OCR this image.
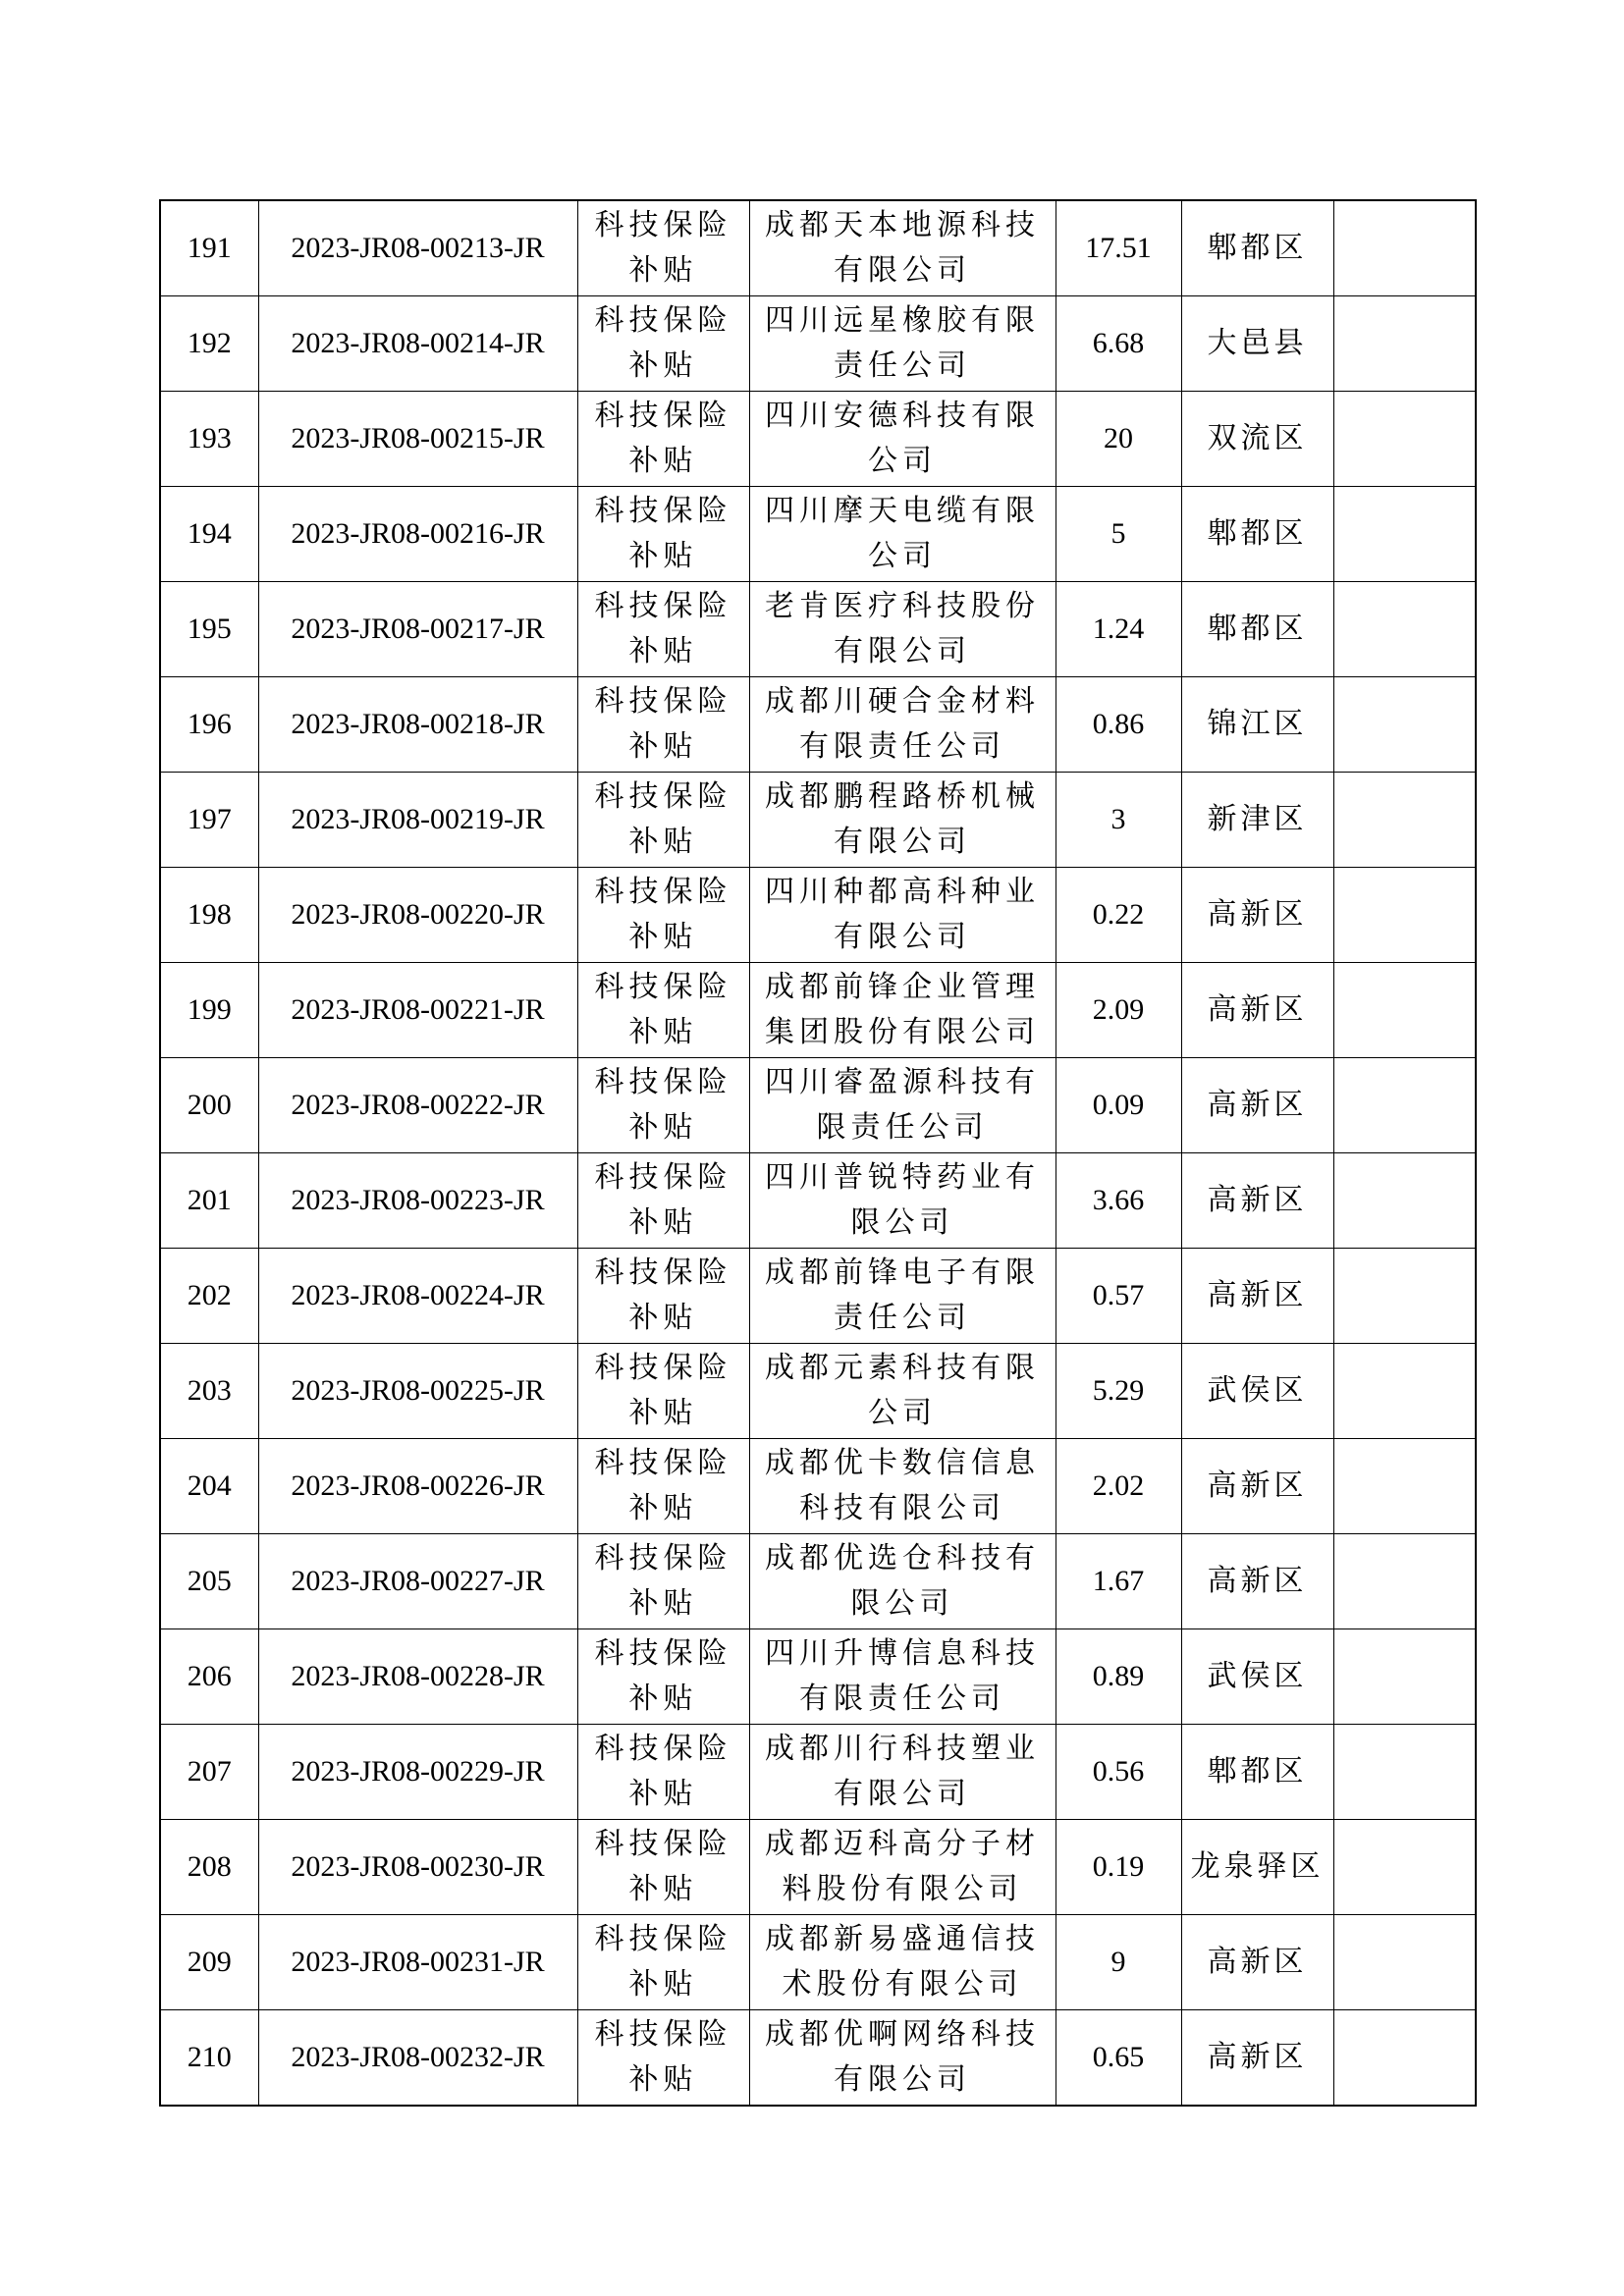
191	2023-JR08-00213-JR	科技保险补贴	成都天本地源科技有限公司	17.51	郫都区	
192	2023-JR08-00214-JR	科技保险补贴	四川远星橡胶有限责任公司	6.68	大邑县	
193	2023-JR08-00215-JR	科技保险补贴	四川安德科技有限公司	20	双流区	
194	2023-JR08-00216-JR	科技保险补贴	四川摩天电缆有限公司	5	郫都区	
195	2023-JR08-00217-JR	科技保险补贴	老肯医疗科技股份有限公司	1.24	郫都区	
196	2023-JR08-00218-JR	科技保险补贴	成都川硬合金材料有限责任公司	0.86	锦江区	
197	2023-JR08-00219-JR	科技保险补贴	成都鹏程路桥机械有限公司	3	新津区	
198	2023-JR08-00220-JR	科技保险补贴	四川种都高科种业有限公司	0.22	高新区	
199	2023-JR08-00221-JR	科技保险补贴	成都前锋企业管理集团股份有限公司	2.09	高新区	
200	2023-JR08-00222-JR	科技保险补贴	四川睿盈源科技有限责任公司	0.09	高新区	
201	2023-JR08-00223-JR	科技保险补贴	四川普锐特药业有限公司	3.66	高新区	
202	2023-JR08-00224-JR	科技保险补贴	成都前锋电子有限责任公司	0.57	高新区	
203	2023-JR08-00225-JR	科技保险补贴	成都元素科技有限公司	5.29	武侯区	
204	2023-JR08-00226-JR	科技保险补贴	成都优卡数信信息科技有限公司	2.02	高新区	
205	2023-JR08-00227-JR	科技保险补贴	成都优选仓科技有限公司	1.67	高新区	
206	2023-JR08-00228-JR	科技保险补贴	四川升博信息科技有限责任公司	0.89	武侯区	
207	2023-JR08-00229-JR	科技保险补贴	成都川行科技塑业有限公司	0.56	郫都区	
208	2023-JR08-00230-JR	科技保险补贴	成都迈科高分子材料股份有限公司	0.19	龙泉驿区	
209	2023-JR08-00231-JR	科技保险补贴	成都新易盛通信技术股份有限公司	9	高新区	
210	2023-JR08-00232-JR	科技保险补贴	成都优啊网络科技有限公司	0.65	高新区	
